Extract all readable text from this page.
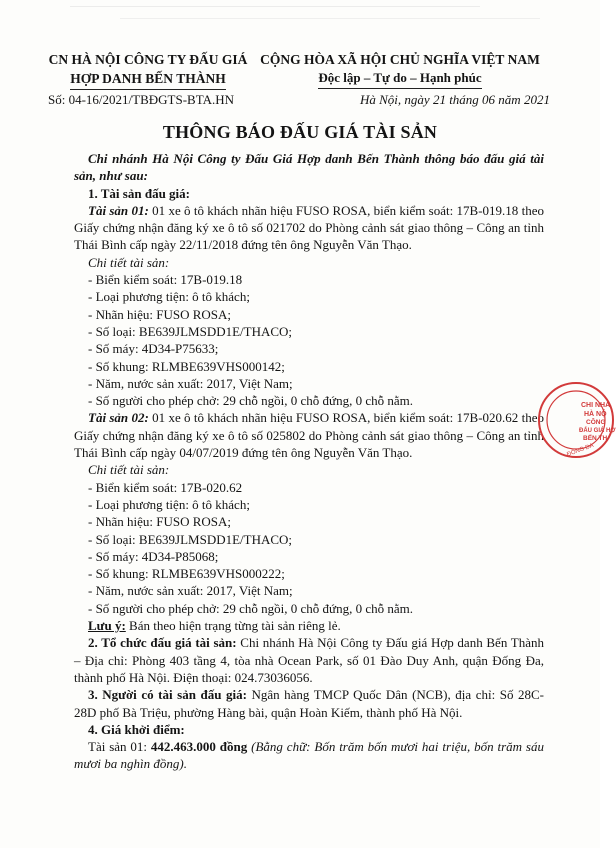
CN HÀ NỘI CÔNG TY ĐẤU GIÁ
HỢP DANH BẾN THÀNH
CỘNG HÒA XÃ HỘI CHỦ NGHĨA VIỆT NAM
Độc lập – Tự do – Hạnh phúc
Số: 04-16/2021/TBĐGTS-BTA.HN	Hà Nội, ngày 21 tháng 06 năm 2021
THÔNG BÁO ĐẤU GIÁ TÀI SẢN

Chi nhánh Hà Nội Công ty Đấu Giá Hợp danh Bến Thành thông báo đấu giá tài sản, như sau:

1. Tài sản đấu giá:

Tài sản 01: 01 xe ô tô khách nhãn hiệu FUSO ROSA, biển kiểm soát: 17B-019.18 theo Giấy chứng nhận đăng ký xe ô tô số 021702 do Phòng cảnh sát giao thông – Công an tỉnh Thái Bình cấp ngày 22/11/2018 đứng tên ông Nguyễn Văn Thạo.

Chi tiết tài sản:

- Biển kiểm soát: 17B-019.18

- Loại phương tiện: ô tô khách;

- Nhãn hiệu: FUSO ROSA;

- Số loại: BE639JLMSDD1E/THACO;

- Số máy: 4D34-P75633;

- Số khung: RLMBE639VHS000142;

- Năm, nước sản xuất: 2017, Việt Nam;

- Số người cho phép chở: 29 chỗ ngồi, 0 chỗ đứng, 0 chỗ nằm.

Tài sản 02: 01 xe ô tô khách nhãn hiệu FUSO ROSA, biển kiểm soát: 17B-020.62 theo Giấy chứng nhận đăng ký xe ô tô số 025802 do Phòng cảnh sát giao thông – Công an tỉnh Thái Bình cấp ngày 04/07/2019 đứng tên ông Nguyễn Văn Thạo.

Chi tiết tài sản:

- Biển kiểm soát: 17B-020.62

- Loại phương tiện: ô tô khách;

- Nhãn hiệu: FUSO ROSA;

- Số loại: BE639JLMSDD1E/THACO;

- Số máy: 4D34-P85068;

- Số khung: RLMBE639VHS000222;

- Năm, nước sản xuất: 2017, Việt Nam;

- Số người cho phép chở: 29 chỗ ngồi, 0 chỗ đứng, 0 chỗ nằm.

Lưu ý: Bán theo hiện trạng từng tài sản riêng lẻ.

2. Tổ chức đấu giá tài sản: Chi nhánh Hà Nội Công ty Đấu giá Hợp danh Bến Thành – Địa chỉ: Phòng 403 tầng 4, tòa nhà Ocean Park, số 01 Đào Duy Anh, quận Đống Đa, thành phố Hà Nội. Điện thoại: 024.73036056.

3. Người có tài sản đấu giá: Ngân hàng TMCP Quốc Dân (NCB), địa chỉ: Số 28C-28D phố Bà Triệu, phường Hàng bài, quận Hoàn Kiếm, thành phố Hà Nội.

4. Giá khởi điểm:

Tài sản 01: 442.463.000 đồng (Bằng chữ: Bốn trăm bốn mươi hai triệu, bốn trăm sáu mươi ba nghìn đồng).

CHI NHÁ
HÀ NỘ
CÔNG
ĐẤU GIÁ HỢ
BẾN TH
ĐỐNG ĐA
